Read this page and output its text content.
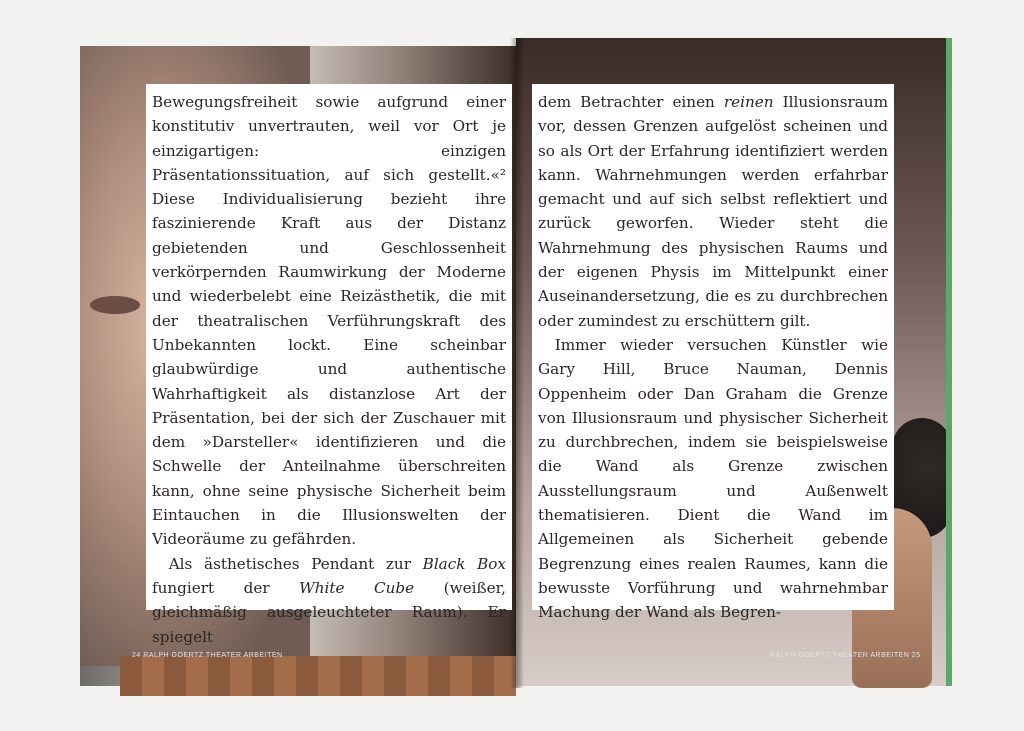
Bewegungsfreiheit sowie aufgrund einer konstitutiv unvertrauten, weil vor Ort je einzigartigen: einzigen Präsentationssituation, auf sich gestellt.«² Diese Individualisierung bezieht ihre faszinierende Kraft aus der Distanz gebietenden und Geschlossenheit verkörpernden Raumwirkung der Moderne und wiederbelebt eine Reizästhetik, die mit der theatralischen Verführungskraft des Unbekannten lockt. Eine scheinbar glaubwürdige und authentische Wahrhaftigkeit als distanzlose Art der Präsentation, bei der sich der Zuschauer mit dem »Darsteller« identifizieren und die Schwelle der Anteilnahme überschreiten kann, ohne seine physische Sicherheit beim Eintauchen in die Illusionswelten der Videoräume zu gefährden.

Als ästhetisches Pendant zur Black Box fungiert der White Cube (weißer, gleichmäßig ausgeleuchteter Raum). Er spiegelt

dem Betrachter einen reinen Illusionsraum vor, dessen Grenzen aufgelöst scheinen und so als Ort der Erfahrung identifiziert werden kann. Wahrnehmungen werden erfahrbar gemacht und auf sich selbst reflektiert und zurück geworfen. Wieder steht die Wahrnehmung des physischen Raums und der eigenen Physis im Mittelpunkt einer Auseinandersetzung, die es zu durchbrechen oder zumindest zu erschüttern gilt.

Immer wieder versuchen Künstler wie Gary Hill, Bruce Nauman, Dennis Oppenheim oder Dan Graham die Grenze von Illusionsraum und physischer Sicherheit zu durchbrechen, indem sie beispielsweise die Wand als Grenze zwischen Ausstellungsraum und Außenwelt thematisieren. Dient die Wand im Allgemeinen als Sicherheit gebende Begrenzung eines realen Raumes, kann die bewusste Vorführung und wahrnehmbar Machung der Wand als Begren-

24 RALPH GOERTZ THEATER ARBEITEN	RALPH GOERTZ THEATER ARBEITEN 25
